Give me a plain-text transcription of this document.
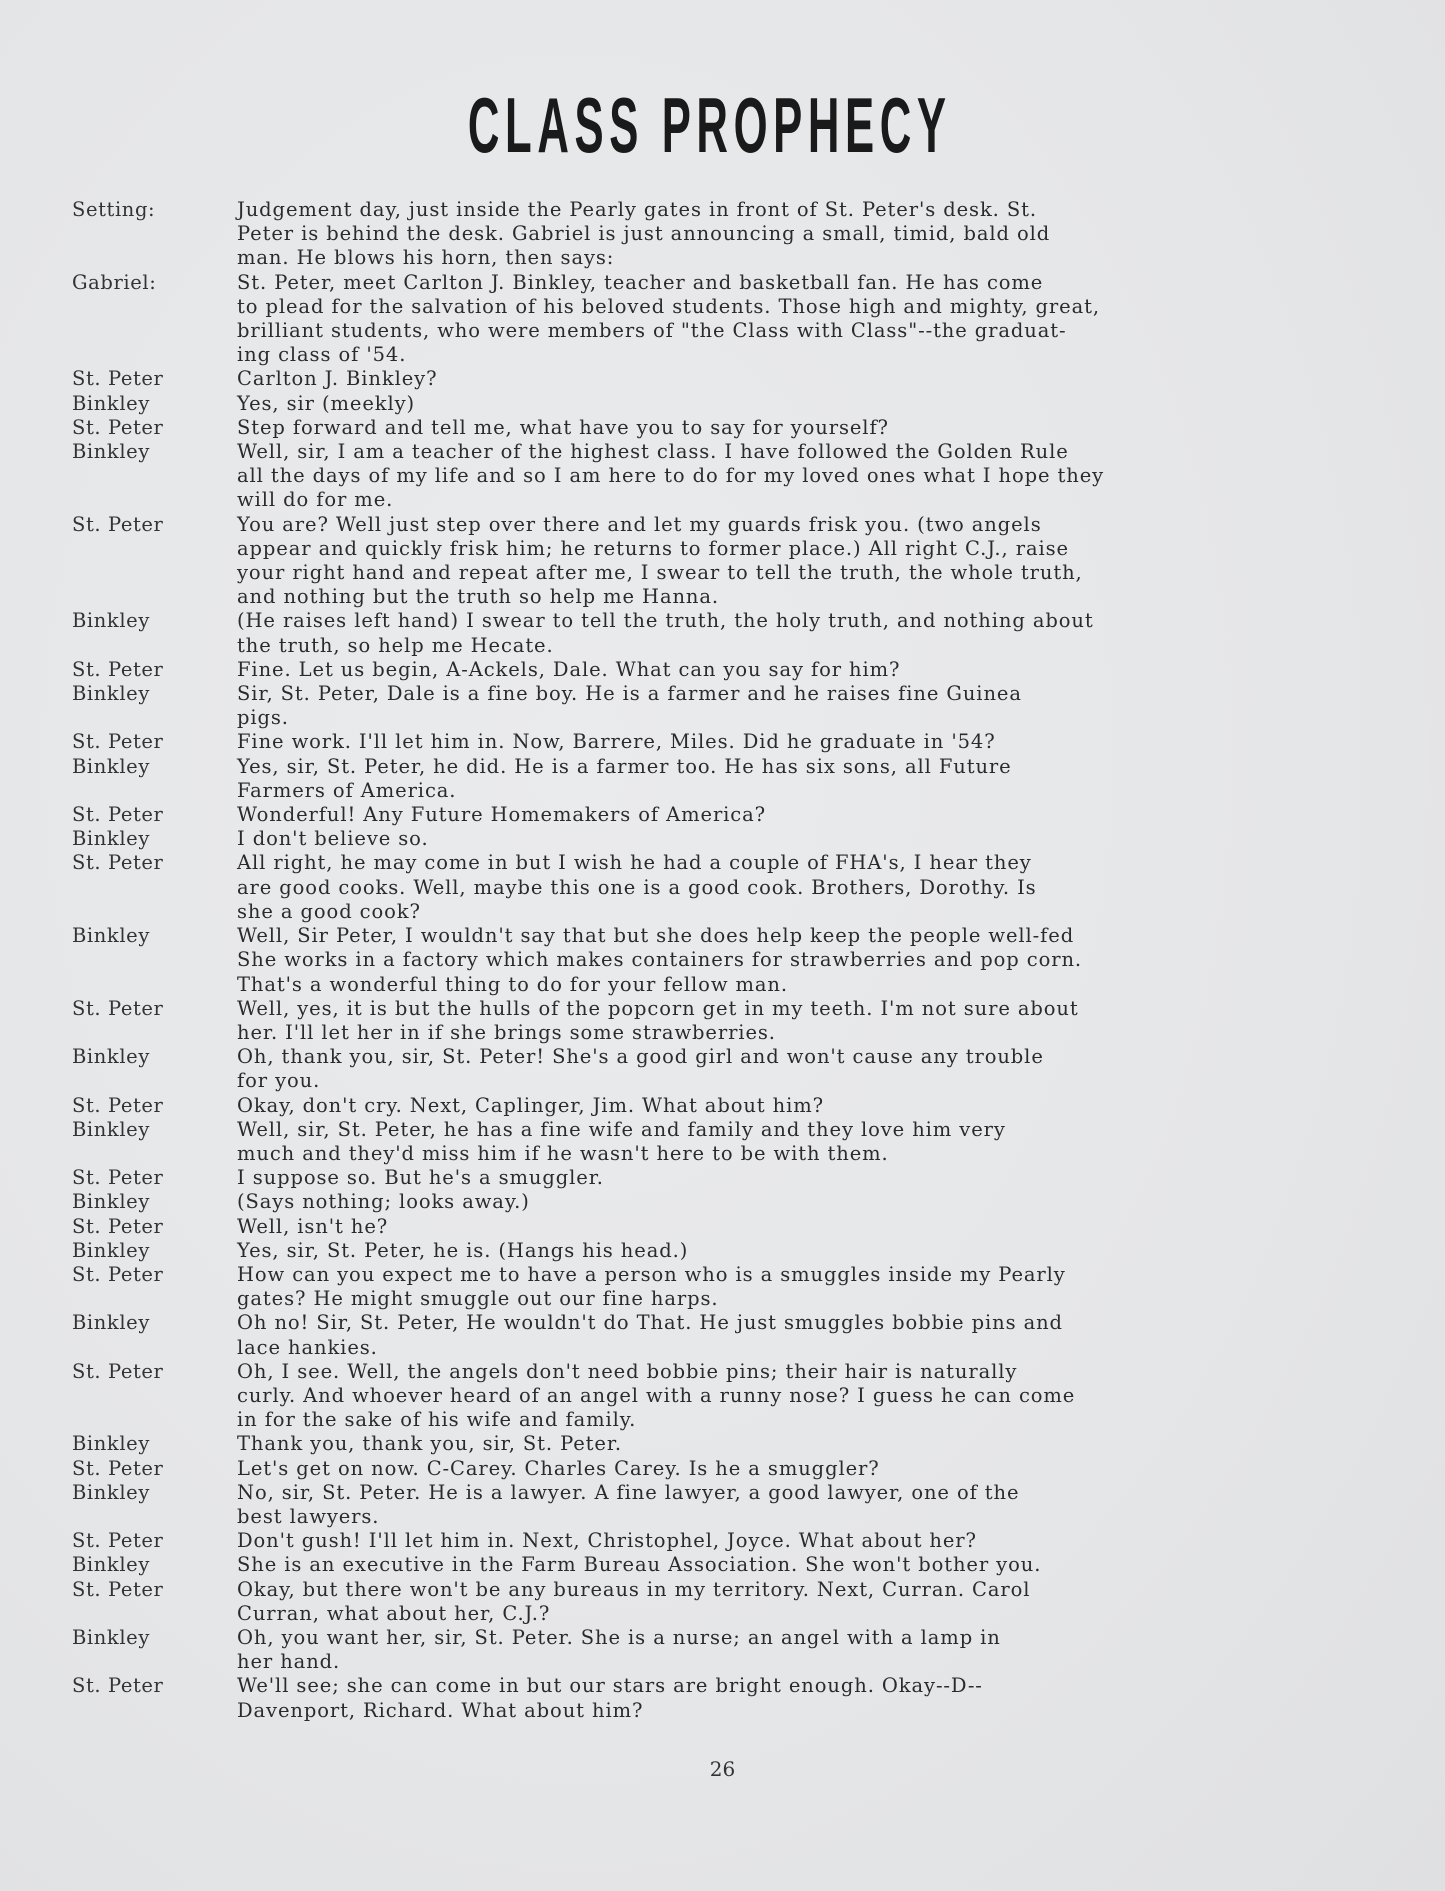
CLASS PROPHECY
Setting:	Judgement day, just inside the Pearly gates in front of St. Peter's desk. St.
Peter is behind the desk. Gabriel is just announcing a small, timid, bald old
man. He blows his horn, then says:
Gabriel:	St. Peter, meet Carlton J. Binkley, teacher and basketball fan. He has come
to plead for the salvation of his beloved students. Those high and mighty, great,
brilliant students, who were members of "the Class with Class"--the graduat-
ing class of '54.
St. Peter	Carlton J. Binkley?
Binkley	Yes, sir (meekly)
St. Peter	Step forward and tell me, what have you to say for yourself?
Binkley	Well, sir, I am a teacher of the highest class. I have followed the Golden Rule
all the days of my life and so I am here to do for my loved ones what I hope they
will do for me.
St. Peter	You are? Well just step over there and let my guards frisk you. (two angels
appear and quickly frisk him; he returns to former place.) All right C.J., raise
your right hand and repeat after me, I swear to tell the truth, the whole truth,
and nothing but the truth so help me Hanna.
Binkley	(He raises left hand) I swear to tell the truth, the holy truth, and nothing about
the truth, so help me Hecate.
St. Peter	Fine. Let us begin, A-Ackels, Dale. What can you say for him?
Binkley	Sir, St. Peter, Dale is a fine boy. He is a farmer and he raises fine Guinea
pigs.
St. Peter	Fine work. I'll let him in. Now, Barrere, Miles. Did he graduate in '54?
Binkley	Yes, sir, St. Peter, he did. He is a farmer too. He has six sons, all Future
Farmers of America.
St. Peter	Wonderful! Any Future Homemakers of America?
Binkley	I don't believe so.
St. Peter	All right, he may come in but I wish he had a couple of FHA's, I hear they
are good cooks. Well, maybe this one is a good cook. Brothers, Dorothy. Is
she a good cook?
Binkley	Well, Sir Peter, I wouldn't say that but she does help keep the people well-fed
She works in a factory which makes containers for strawberries and pop corn.
That's a wonderful thing to do for your fellow man.
St. Peter	Well, yes, it is but the hulls of the popcorn get in my teeth. I'm not sure about
her. I'll let her in if she brings some strawberries.
Binkley	Oh, thank you, sir, St. Peter! She's a good girl and won't cause any trouble
for you.
St. Peter	Okay, don't cry. Next, Caplinger, Jim. What about him?
Binkley	Well, sir, St. Peter, he has a fine wife and family and they love him very
much and they'd miss him if he wasn't here to be with them.
St. Peter	I suppose so. But he's a smuggler.
Binkley	(Says nothing; looks away.)
St. Peter	Well, isn't he?
Binkley	Yes, sir, St. Peter, he is. (Hangs his head.)
St. Peter	How can you expect me to have a person who is a smuggles inside my Pearly
gates? He might smuggle out our fine harps.
Binkley	Oh no! Sir, St. Peter, He wouldn't do That. He just smuggles bobbie pins and
lace hankies.
St. Peter	Oh, I see. Well, the angels don't need bobbie pins; their hair is naturally
curly. And whoever heard of an angel with a runny nose? I guess he can come
in for the sake of his wife and family.
Binkley	Thank you, thank you, sir, St. Peter.
St. Peter	Let's get on now. C-Carey. Charles Carey. Is he a smuggler?
Binkley	No, sir, St. Peter. He is a lawyer. A fine lawyer, a good lawyer, one of the
best lawyers.
St. Peter	Don't gush! I'll let him in. Next, Christophel, Joyce. What about her?
Binkley	She is an executive in the Farm Bureau Association. She won't bother you.
St. Peter	Okay, but there won't be any bureaus in my territory. Next, Curran. Carol
Curran, what about her, C.J.?
Binkley	Oh, you want her, sir, St. Peter. She is a nurse; an angel with a lamp in
her hand.
St. Peter	We'll see; she can come in but our stars are bright enough. Okay--D--
Davenport, Richard. What about him?
26
